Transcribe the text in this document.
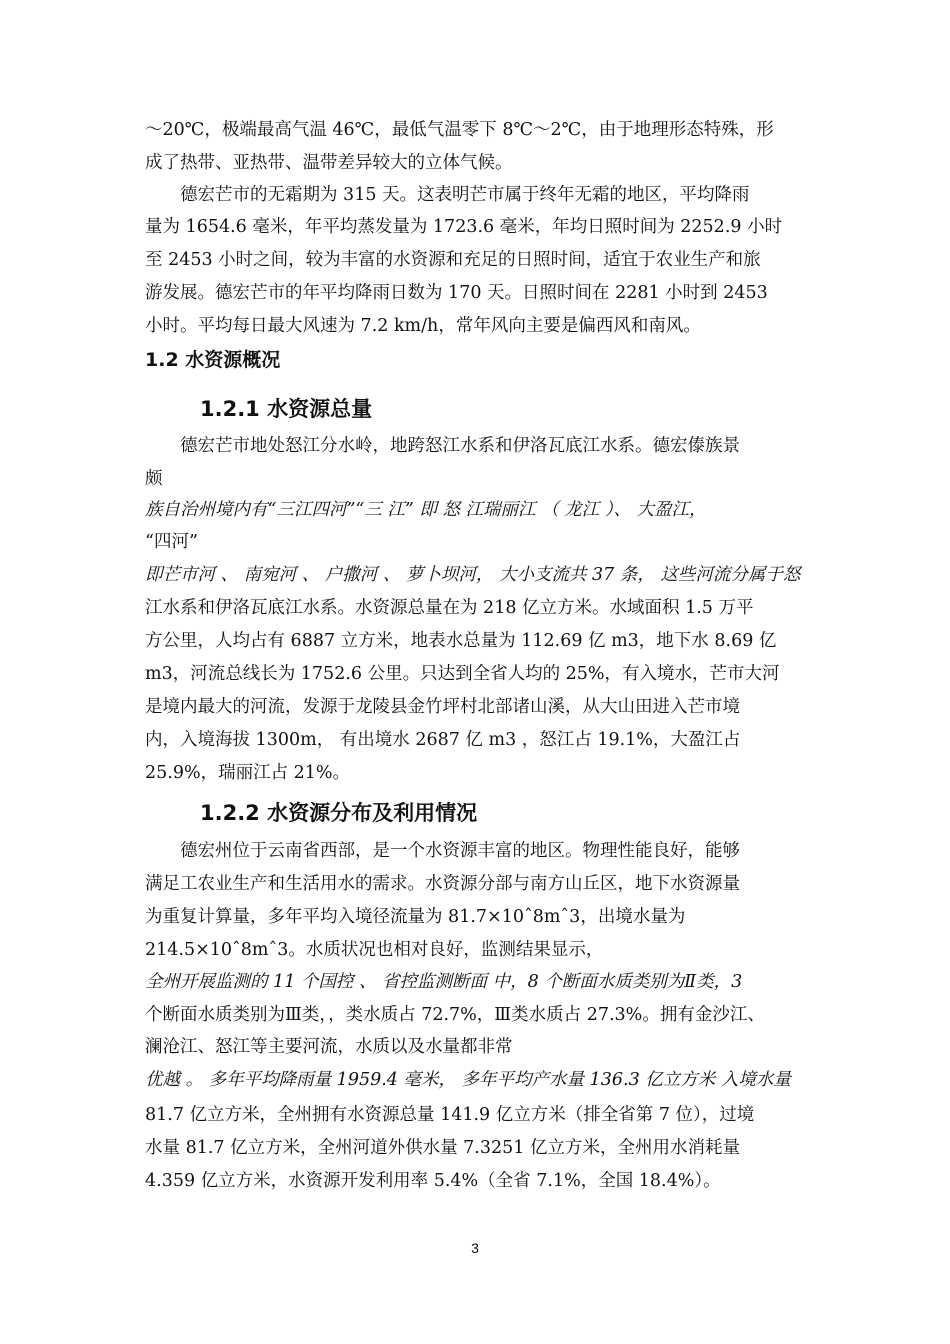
～20℃，极端最高气温 46℃，最低气温零下 8℃～2℃，由于地理形态特殊，形
成了热带、亚热带、温带差异较大的立体气候。
　　德宏芒市的无霜期为 315 天。这表明芒市属于终年无霜的地区，平均降雨
量为 1654.6 毫米，年平均蒸发量为 1723.6 毫米，年均日照时间为 2252.9 小时
至 2453 小时之间，较为丰富的水资源和充足的日照时间，适宜于农业生产和旅
游发展。德宏芒市的年平均降雨日数为 170 天。日照时间在 2281 小时到 2453
小时。平均每日最大风速为 7.2 km/h，常年风向主要是偏西风和南风。
1.2 水资源概况
1.2.1 水资源总量
　　德宏芒市地处怒江分水岭，地跨怒江水系和伊洛瓦底江水系。德宏傣族景
颇
族自治州境内有“三江四河”“三 江” 即 怒 江瑞丽江 （ 龙江 ）、 大盈江，
“四河”
即芒市河 、 南宛河 、 户撒河 、 萝卜坝河， 大小支流共 37 条， 这些河流分属于怒
江水系和伊洛瓦底江水系。水资源总量在为 218 亿立方米。水域面积 1.5 万平
方公里，人均占有 6887 立方米，地表水总量为 112.69 亿 m3，地下水 8.69 亿
m3，河流总线长为 1752.6 公里。只达到全省人均的 25%，有入境水，芒市大河
是境内最大的河流，发源于龙陵县金竹坪村北部诸山溪，从大山田进入芒市境
内，入境海拔 1300m， 有出境水 2687 亿 m3 ，怒江占 19.1%，大盈江占
25.9%，瑞丽江占 21%。
1.2.2 水资源分布及利用情况
　　德宏州位于云南省西部，是一个水资源丰富的地区。物理性能良好，能够
满足工农业生产和生活用水的需求。水资源分部与南方山丘区，地下水资源量
为重复计算量，多年平均入境径流量为 81.7×10ˆ8mˆ3，出境水量为
214.5×10ˆ8mˆ3。水质状况也相对良好，监测结果显示，
全州开展监测的 11 个国控 、 省控监测断面 中，8 个断面水质类别为Ⅱ类，3
个断面水质类别为Ⅲ类，，类水质占 72.7%，Ⅲ类水质占 27.3%。拥有金沙江、
澜沧江、怒江等主要河流，水质以及水量都非常
优越 。 多年平均降雨量 1959.4 毫米， 多年平均产水量 136.3 亿立方米 入境水量
81.7 亿立方米，全州拥有水资源总量 141.9 亿立方米（排全省第 7 位），过境
水量 81.7 亿立方米，全州河道外供水量 7.3251 亿立方米，全州用水消耗量
4.359 亿立方米，水资源开发利用率 5.4%（全省 7.1%，全国 18.4%）。
3
